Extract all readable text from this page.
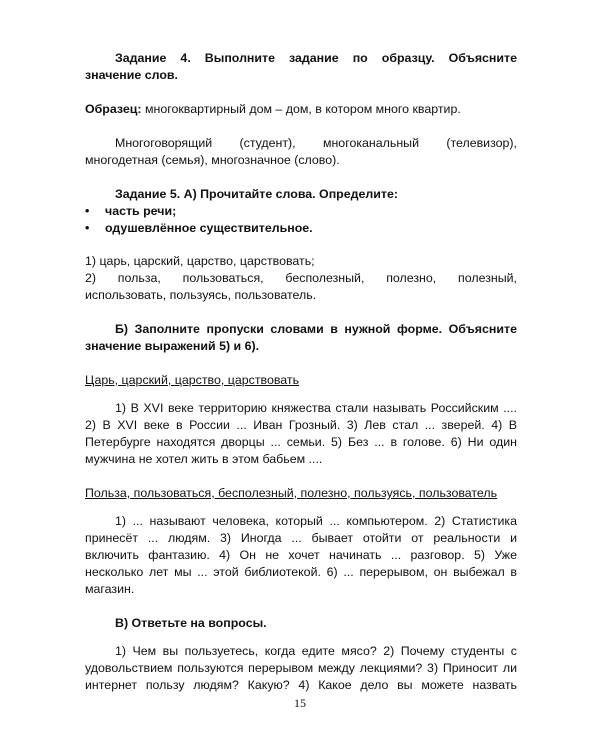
Задание 4. Выполните задание по образцу. Объясните

значение слов.

Образец: многоквартирный дом – дом, в котором много квартир.

Многоговорящий (студент), многоканальный (телевизор),

многодетная (семья), многозначное (слово).

Задание 5. А) Прочитайте слова. Определите:

• часть речи;
• одушевлённое существительное.

1) царь, царский, царство, царствовать;

2) польза, пользоваться, бесполезный, полезно, полезный,

использовать, пользуясь, пользователь.

Б) Заполните пропуски словами в нужной форме. Объясните

значение выражений 5) и 6).

Царь, царский, царство, царствовать

1) В XVI веке территорию княжества стали называть Российским ....

2) В XVI веке в России ... Иван Грозный. 3) Лев стал ... зверей. 4) В

Петербурге находятся дворцы ... семьи. 5) Без ... в голове. 6) Ни один

мужчина не хотел жить в этом бабьем ....

Польза, пользоваться, бесполезный, полезно, пользуясь, пользователь

1) ... называют человека, который ... компьютером. 2) Статистика

принесёт ... людям. 3) Иногда ... бывает отойти от реальности и

включить фантазию. 4) Он не хочет начинать ... разговор. 5) Уже

несколько лет мы ... этой библиотекой. 6) ... перерывом, он выбежал в

магазин.

В) Ответьте на вопросы.

1) Чем вы пользуетесь, когда едите мясо? 2) Почему студенты с

удовольствием пользуются перерывом между лекциями? 3) Приносит ли

интернет пользу людям? Какую? 4) Какое дело вы можете назвать

15
